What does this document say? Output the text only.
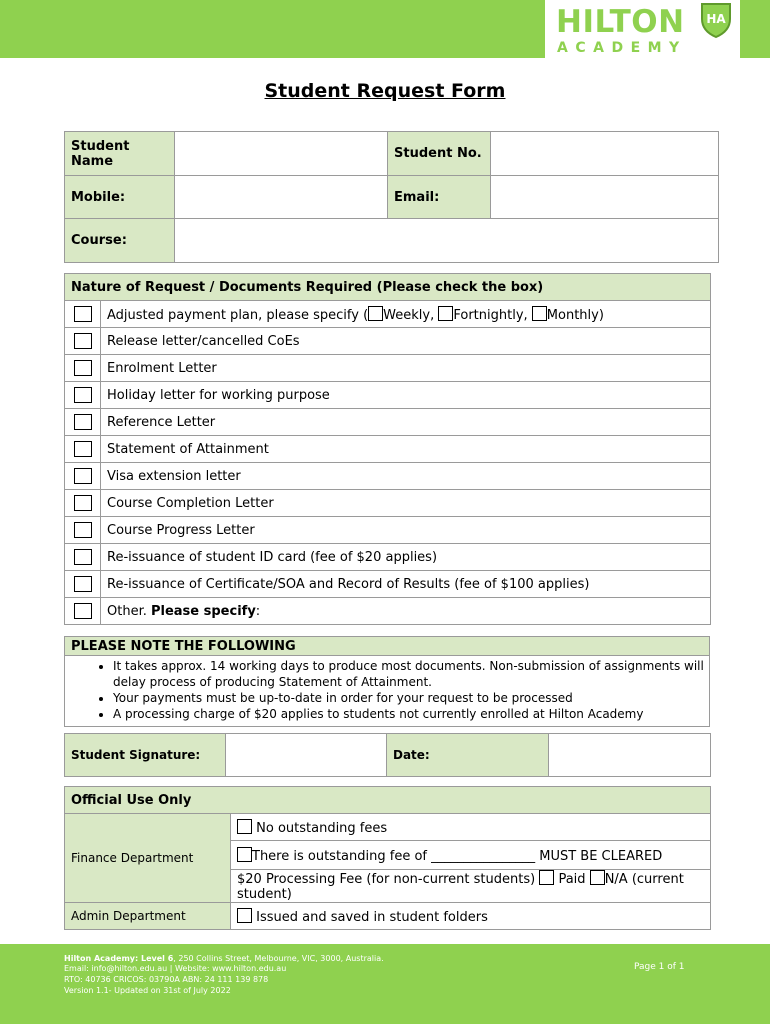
HILTON
ACADEMY
HA
Student Request Form
Student Name		Student No.	
Mobile:		Email:	
Course:			
Nature of Request / Documents Required (Please check the box)	

	Adjusted payment plan, please specify ( Weekly, Fortnightly, Monthly)

	Release letter/cancelled CoEs

	Enrolment Letter

	Holiday letter for working purpose

	Reference Letter

	Statement of Attainment

	Visa extension letter

	Course Completion Letter

	Course Progress Letter

	Re-issuance of student ID card (fee of $20 applies)

	Re-issuance of Certificate/SOA and Record of Results (fee of $100 applies)

	Other. Please specify:
PLEASE NOTE THE FOLLOWING

• It takes approx. 14 working days to produce most documents. Non-submission of assignments will delay process of producing Statement of Attainment.
• Your payments must be up-to-date in order for your request to be processed
• A processing charge of $20 applies to students not currently enrolled at Hilton Academy
Student Signature:		Date:	
Official Use Only	
Finance Department	No outstanding fees
	There is outstanding fee of ________________ MUST BE CLEARED
	$20 Processing Fee (for non-current students) Paid N/A (current student)
Admin Department	Issued and saved in student folders
Hilton Academy: Level 6, 250 Collins Street, Melbourne, VIC, 3000, Australia.
Email: info@hilton.edu.au | Website: www.hilton.edu.au
RTO: 40736 CRICOS: 03790A ABN: 24 111 139 878
Version 1.1- Updated on 31st of July 2022
Page 1 of 1
